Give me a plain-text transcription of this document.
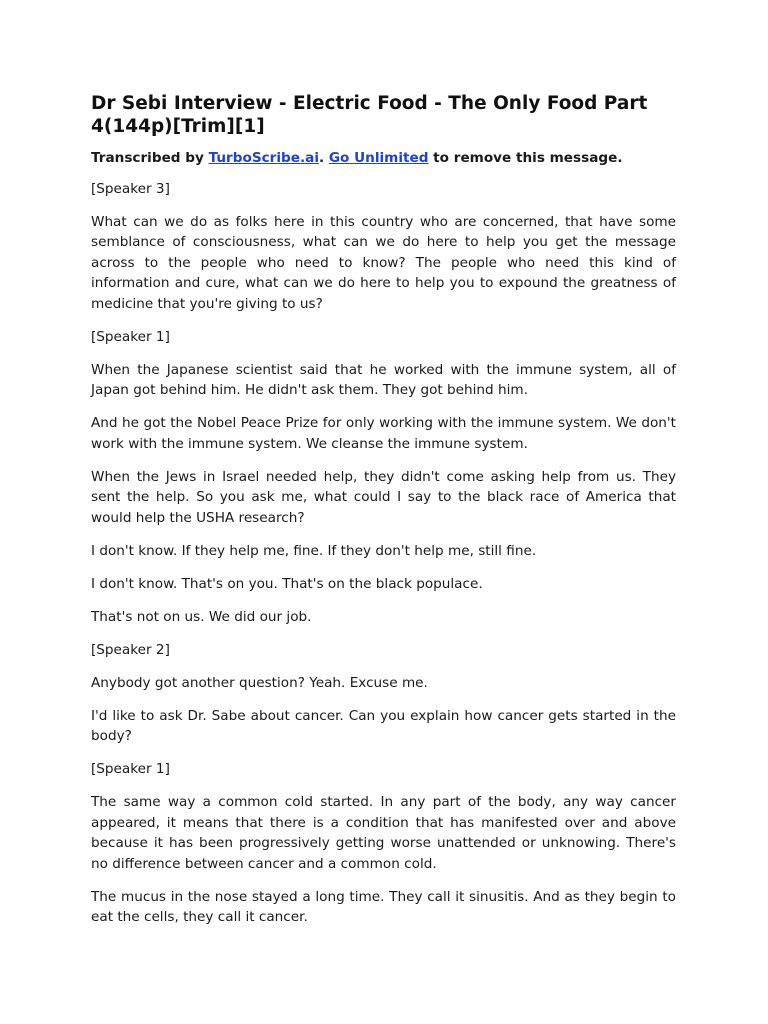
Dr Sebi Interview - Electric Food - The Only Food Part 4(144p)[Trim][1]
Transcribed by TurboScribe.ai. Go Unlimited to remove this message.

[Speaker 3]

What can we do as folks here in this country who are concerned, that have some semblance of consciousness, what can we do here to help you get the message across to the people who need to know? The people who need this kind of information and cure, what can we do here to help you to expound the greatness of medicine that you're giving to us?

[Speaker 1]

When the Japanese scientist said that he worked with the immune system, all of Japan got behind him. He didn't ask them. They got behind him.

And he got the Nobel Peace Prize for only working with the immune system. We don't work with the immune system. We cleanse the immune system.

When the Jews in Israel needed help, they didn't come asking help from us. They sent the help. So you ask me, what could I say to the black race of America that would help the USHA research?

I don't know. If they help me, fine. If they don't help me, still fine.

I don't know. That's on you. That's on the black populace.

That's not on us. We did our job.

[Speaker 2]

Anybody got another question? Yeah. Excuse me.

I'd like to ask Dr. Sabe about cancer. Can you explain how cancer gets started in the body?

[Speaker 1]

The same way a common cold started. In any part of the body, any way cancer appeared, it means that there is a condition that has manifested over and above because it has been progressively getting worse unattended or unknowing. There's no difference between cancer and a common cold.

The mucus in the nose stayed a long time. They call it sinusitis. And as they begin to eat the cells, they call it cancer.
